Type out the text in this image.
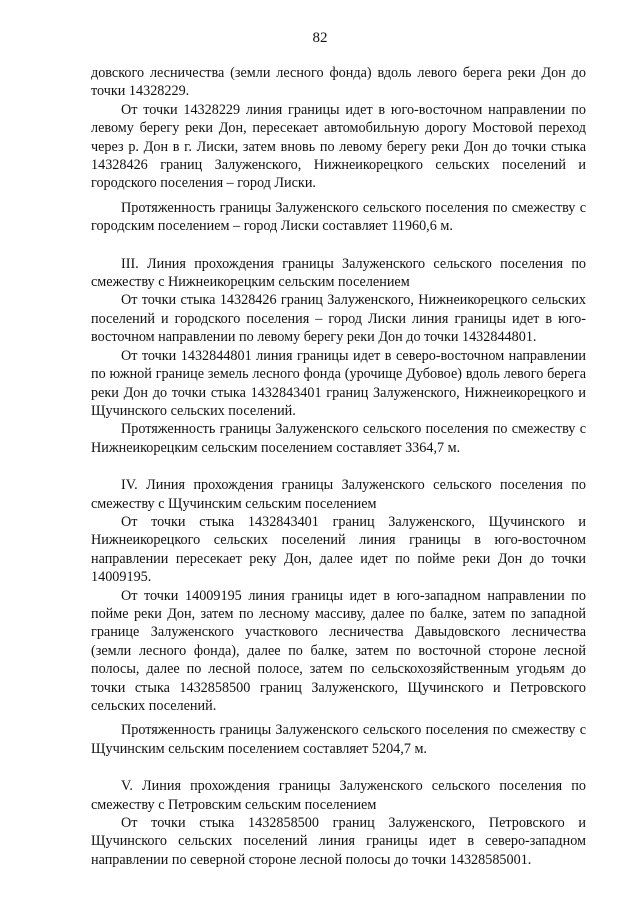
82

довского лесничества (земли лесного фонда) вдоль левого берега реки Дон до точки 14328229.

От точки 14328229 линия границы идет в юго-восточном направлении по левому берегу реки Дон, пересекает автомобильную дорогу Мостовой переход через р. Дон в г. Лиски, затем вновь по левому берегу реки Дон до точки стыка 14328426 границ Залуженского, Нижнеикорецкого сельских поселений и городского поселения – город Лиски.

Протяженность границы Залуженского сельского поселения по смежеству с городским поселением – город Лиски составляет 11960,6 м.

III. Линия прохождения границы Залуженского сельского поселения по смежеству с Нижнеикорецким сельским поселением

От точки стыка 14328426 границ Залуженского, Нижнеикорецкого сельских поселений и городского поселения – город Лиски линия границы идет в юго-восточном направлении по левому берегу реки Дон до точки 1432844801.

От точки 1432844801 линия границы идет в северо-восточном направлении по южной границе земель лесного фонда (урочище Дубовое) вдоль левого берега реки Дон до точки стыка 1432843401 границ Залуженского, Нижнеикорецкого и Щучинского сельских поселений.

Протяженность границы Залуженского сельского поселения по смежеству с Нижнеикорецким сельским поселением составляет 3364,7 м.

IV. Линия прохождения границы Залуженского сельского поселения по смежеству с Щучинским сельским поселением

От точки стыка 1432843401 границ Залуженского, Щучинского и Нижнеикорецкого сельских поселений линия границы в юго-восточном направлении пересекает реку Дон, далее идет по пойме реки Дон до точки 14009195.

От точки 14009195 линия границы идет в юго-западном направлении по пойме реки Дон, затем по лесному массиву, далее по балке, затем по западной границе Залуженского участкового лесничества Давыдовского лесничества (земли лесного фонда), далее по балке, затем по восточной стороне лесной полосы, далее по лесной полосе, затем по сельскохозяйственным угодьям до точки стыка 1432858500 границ Залуженского, Щучинского и Петровского сельских поселений.

Протяженность границы Залуженского сельского поселения по смежеству с Щучинским сельским поселением составляет 5204,7 м.

V. Линия прохождения границы Залуженского сельского поселения по смежеству с Петровским сельским поселением

От точки стыка 1432858500 границ Залуженского, Петровского и Щучинского сельских поселений линия границы идет в северо-западном направлении по северной стороне лесной полосы до точки 14328585001.
